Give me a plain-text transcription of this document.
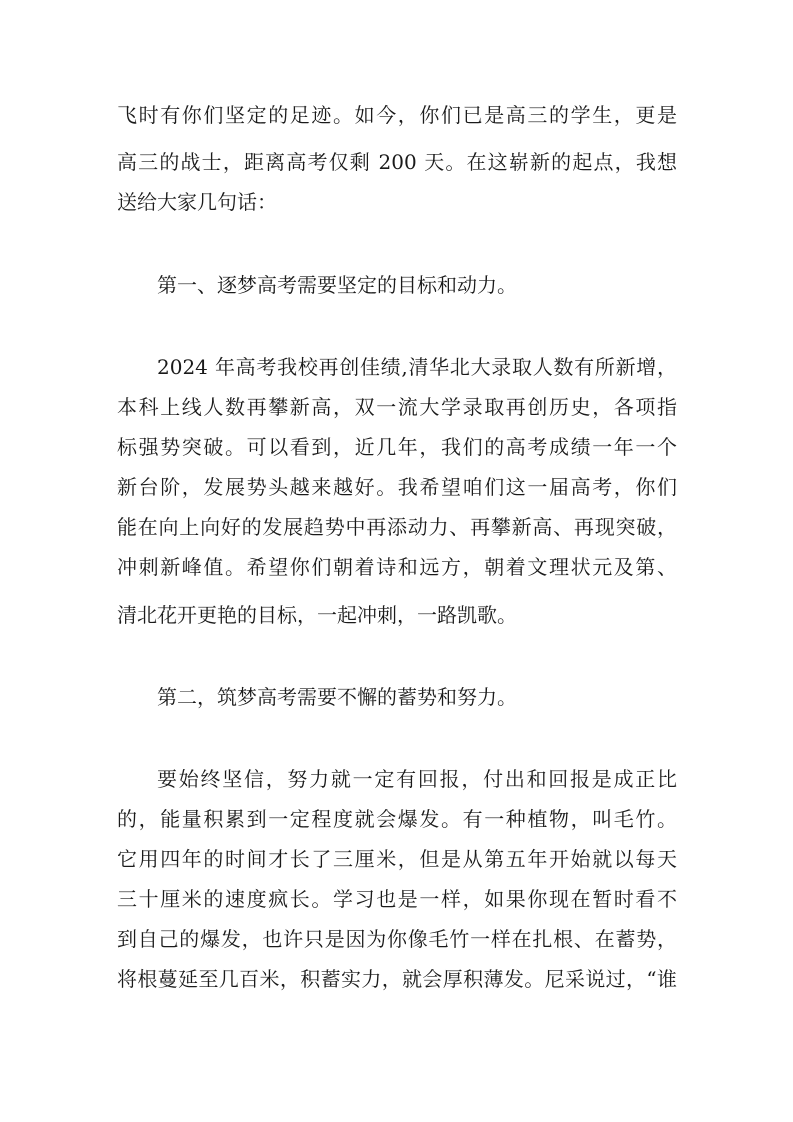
飞时有你们坚定的足迹。如今，你们已是高三的学生，更是
高三的战士，距离高考仅剩 200 天。在这崭新的起点，我想
送给大家几句话：
第一、逐梦高考需要坚定的目标和动力。
2024 年高考我校再创佳绩,清华北大录取人数有所新增，
本科上线人数再攀新高，双一流大学录取再创历史，各项指
标强势突破。可以看到，近几年，我们的高考成绩一年一个
新台阶，发展势头越来越好。我希望咱们这一届高考，你们
能在向上向好的发展趋势中再添动力、再攀新高、再现突破，
冲刺新峰值。希望你们朝着诗和远方，朝着文理状元及第、
清北花开更艳的目标，一起冲刺，一路凯歌。
第二，筑梦高考需要不懈的蓄势和努力。
要始终坚信，努力就一定有回报，付出和回报是成正比
的，能量积累到一定程度就会爆发。有一种植物，叫毛竹。
它用四年的时间才长了三厘米，但是从第五年开始就以每天
三十厘米的速度疯长。学习也是一样，如果你现在暂时看不
到自己的爆发，也许只是因为你像毛竹一样在扎根、在蓄势，
将根蔓延至几百米，积蓄实力，就会厚积薄发。尼采说过，“谁
